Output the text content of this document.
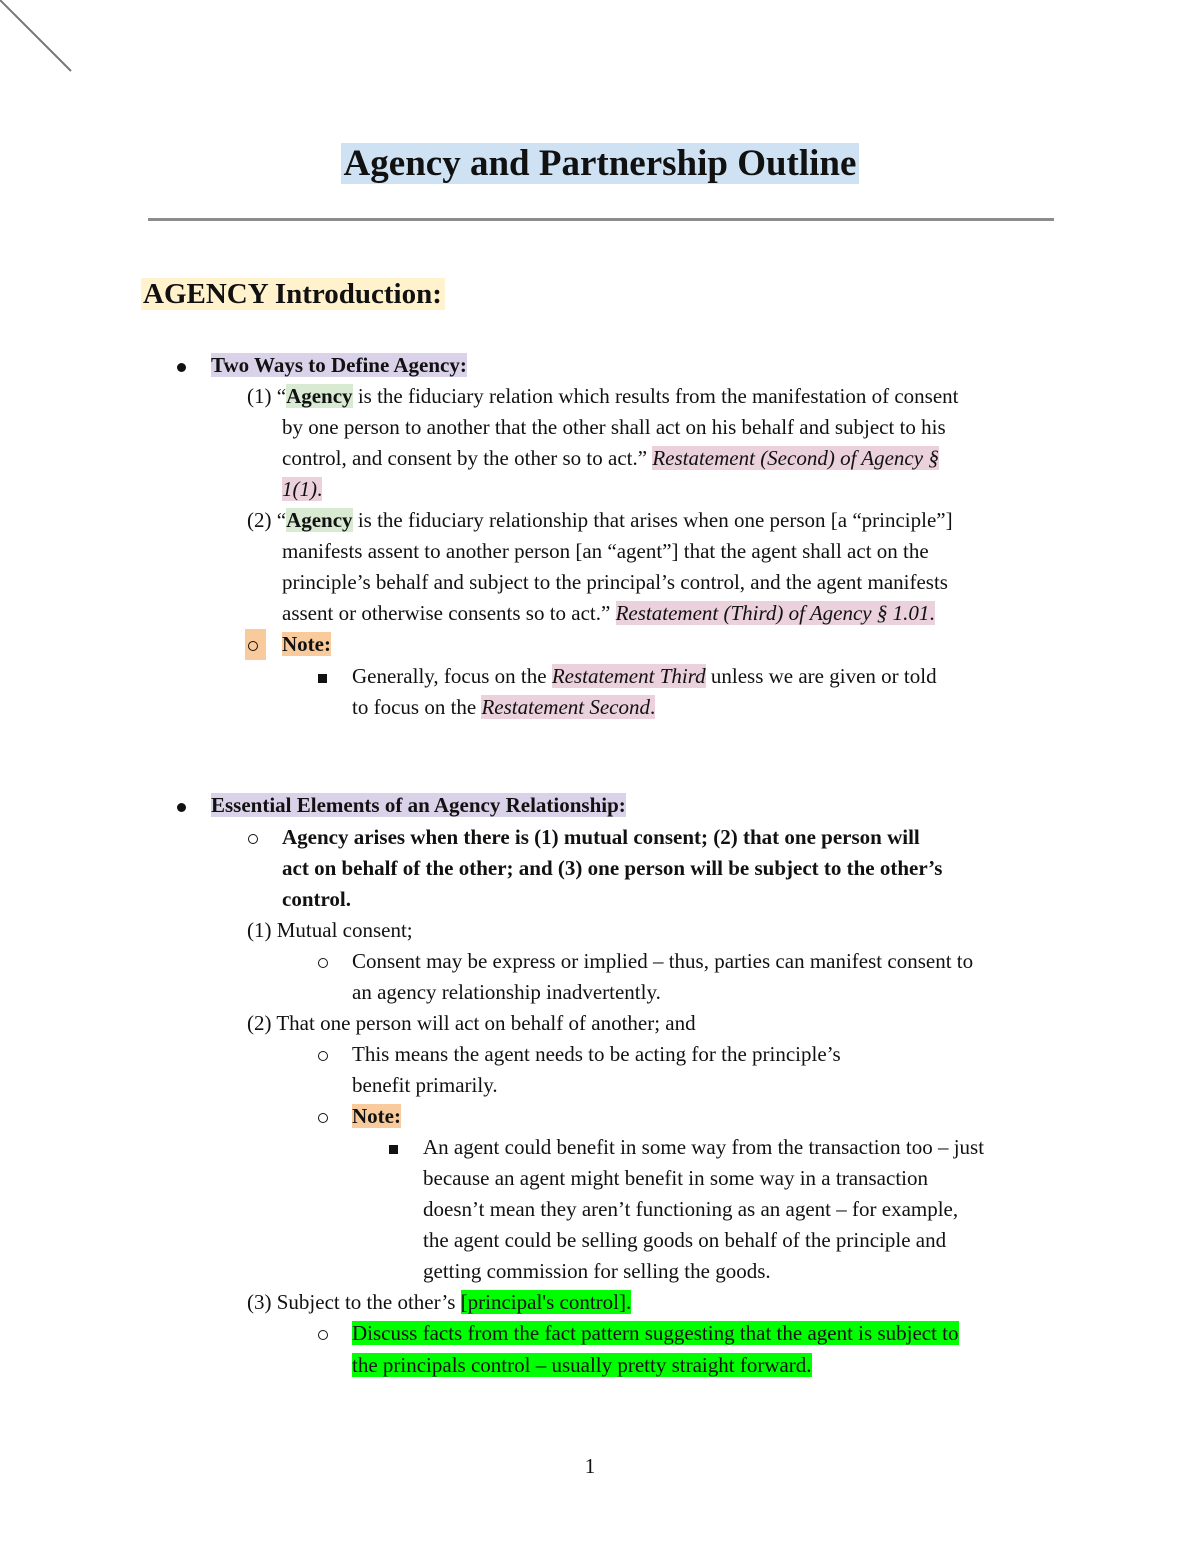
Agency and Partnership Outline
AGENCY Introduction:
Two Ways to Define Agency:
(1) “Agency is the fiduciary relation which results from the manifestation of consent
by one person to another that the other shall act on his behalf and subject to his
control, and consent by the other so to act.” Restatement (Second) of Agency §
1(1).
(2) “Agency is the fiduciary relationship that arises when one person [a “principle”]
manifests assent to another person [an “agent”] that the agent shall act on the
principle’s behalf and subject to the principal’s control, and the agent manifests
assent or otherwise consents so to act.” Restatement (Third) of Agency § 1.01.
Note:
Generally, focus on the Restatement Third unless we are given or told
to focus on the Restatement Second.
Essential Elements of an Agency Relationship:
Agency arises when there is (1) mutual consent; (2) that one person will
act on behalf of the other; and (3) one person will be subject to the other’s
control.
(1) Mutual consent;
Consent may be express or implied – thus, parties can manifest consent to
an agency relationship inadvertently.
(2) That one person will act on behalf of another; and
This means the agent needs to be acting for the principle’s
benefit primarily.
Note:
An agent could benefit in some way from the transaction too – just
because an agent might benefit in some way in a transaction
doesn’t mean they aren’t functioning as an agent – for example,
the agent could be selling goods on behalf of the principle and
getting commission for selling the goods.
(3) Subject to the other’s [principal's control].
Discuss facts from the fact pattern suggesting that the agent is subject to
the principals control – usually pretty straight forward.
1
